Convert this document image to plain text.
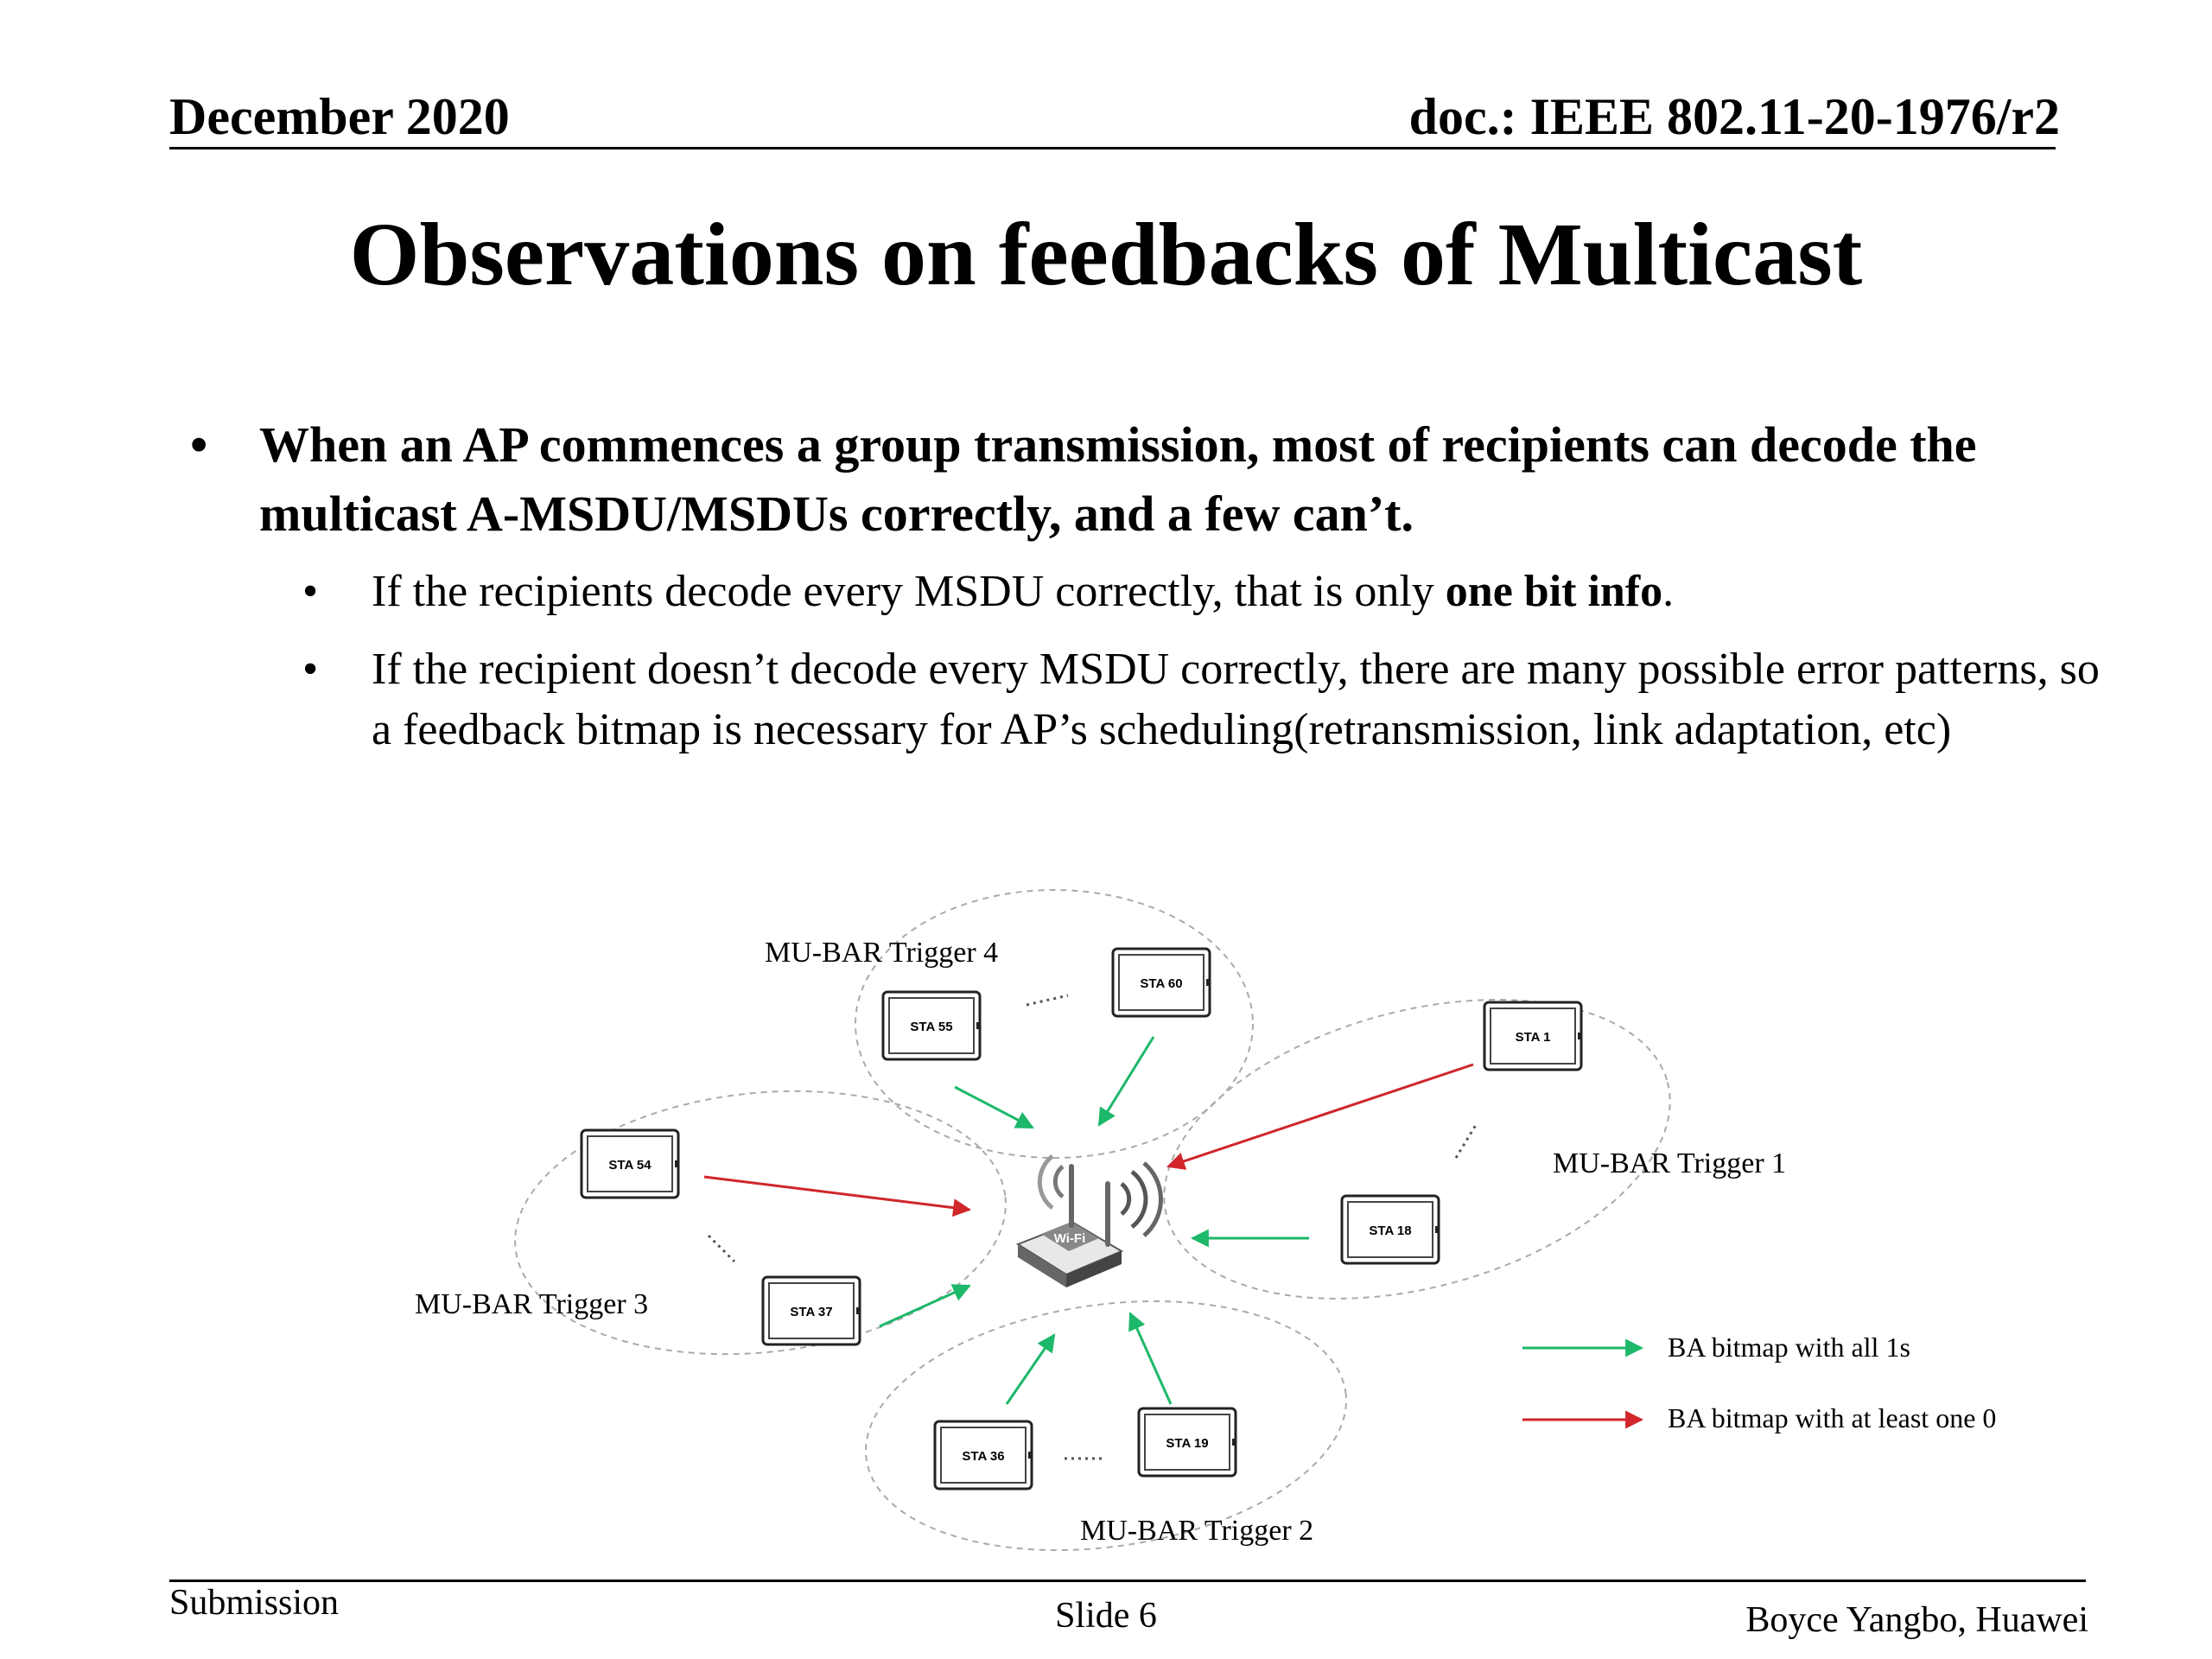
December 2020	doc.: IEEE 802.11-20-1976/r2
Observations on feedbacks of Multicast
• When an AP commences a group transmission, most of recipients can decode the multicast A-MSDU/MSDUs correctly, and a few can’t.
• If the recipients decode every MSDU correctly, that is only one bit info.
• If the recipient doesn’t decode every MSDU correctly, there are many possible error patterns, so a feedback bitmap is necessary for AP’s scheduling(retransmission, link adaptation, etc)
MU-BAR Trigger 4
MU-BAR Trigger 1
MU-BAR Trigger 3
MU-BAR Trigger 2
STA 55
STA 60
STA 1
STA 18
STA 54
STA 37
STA 36
STA 19
Wi-Fi
BA bitmap with all 1s
BA bitmap with at least one 0
Submission	Slide 6	Boyce Yangbo, Huawei
